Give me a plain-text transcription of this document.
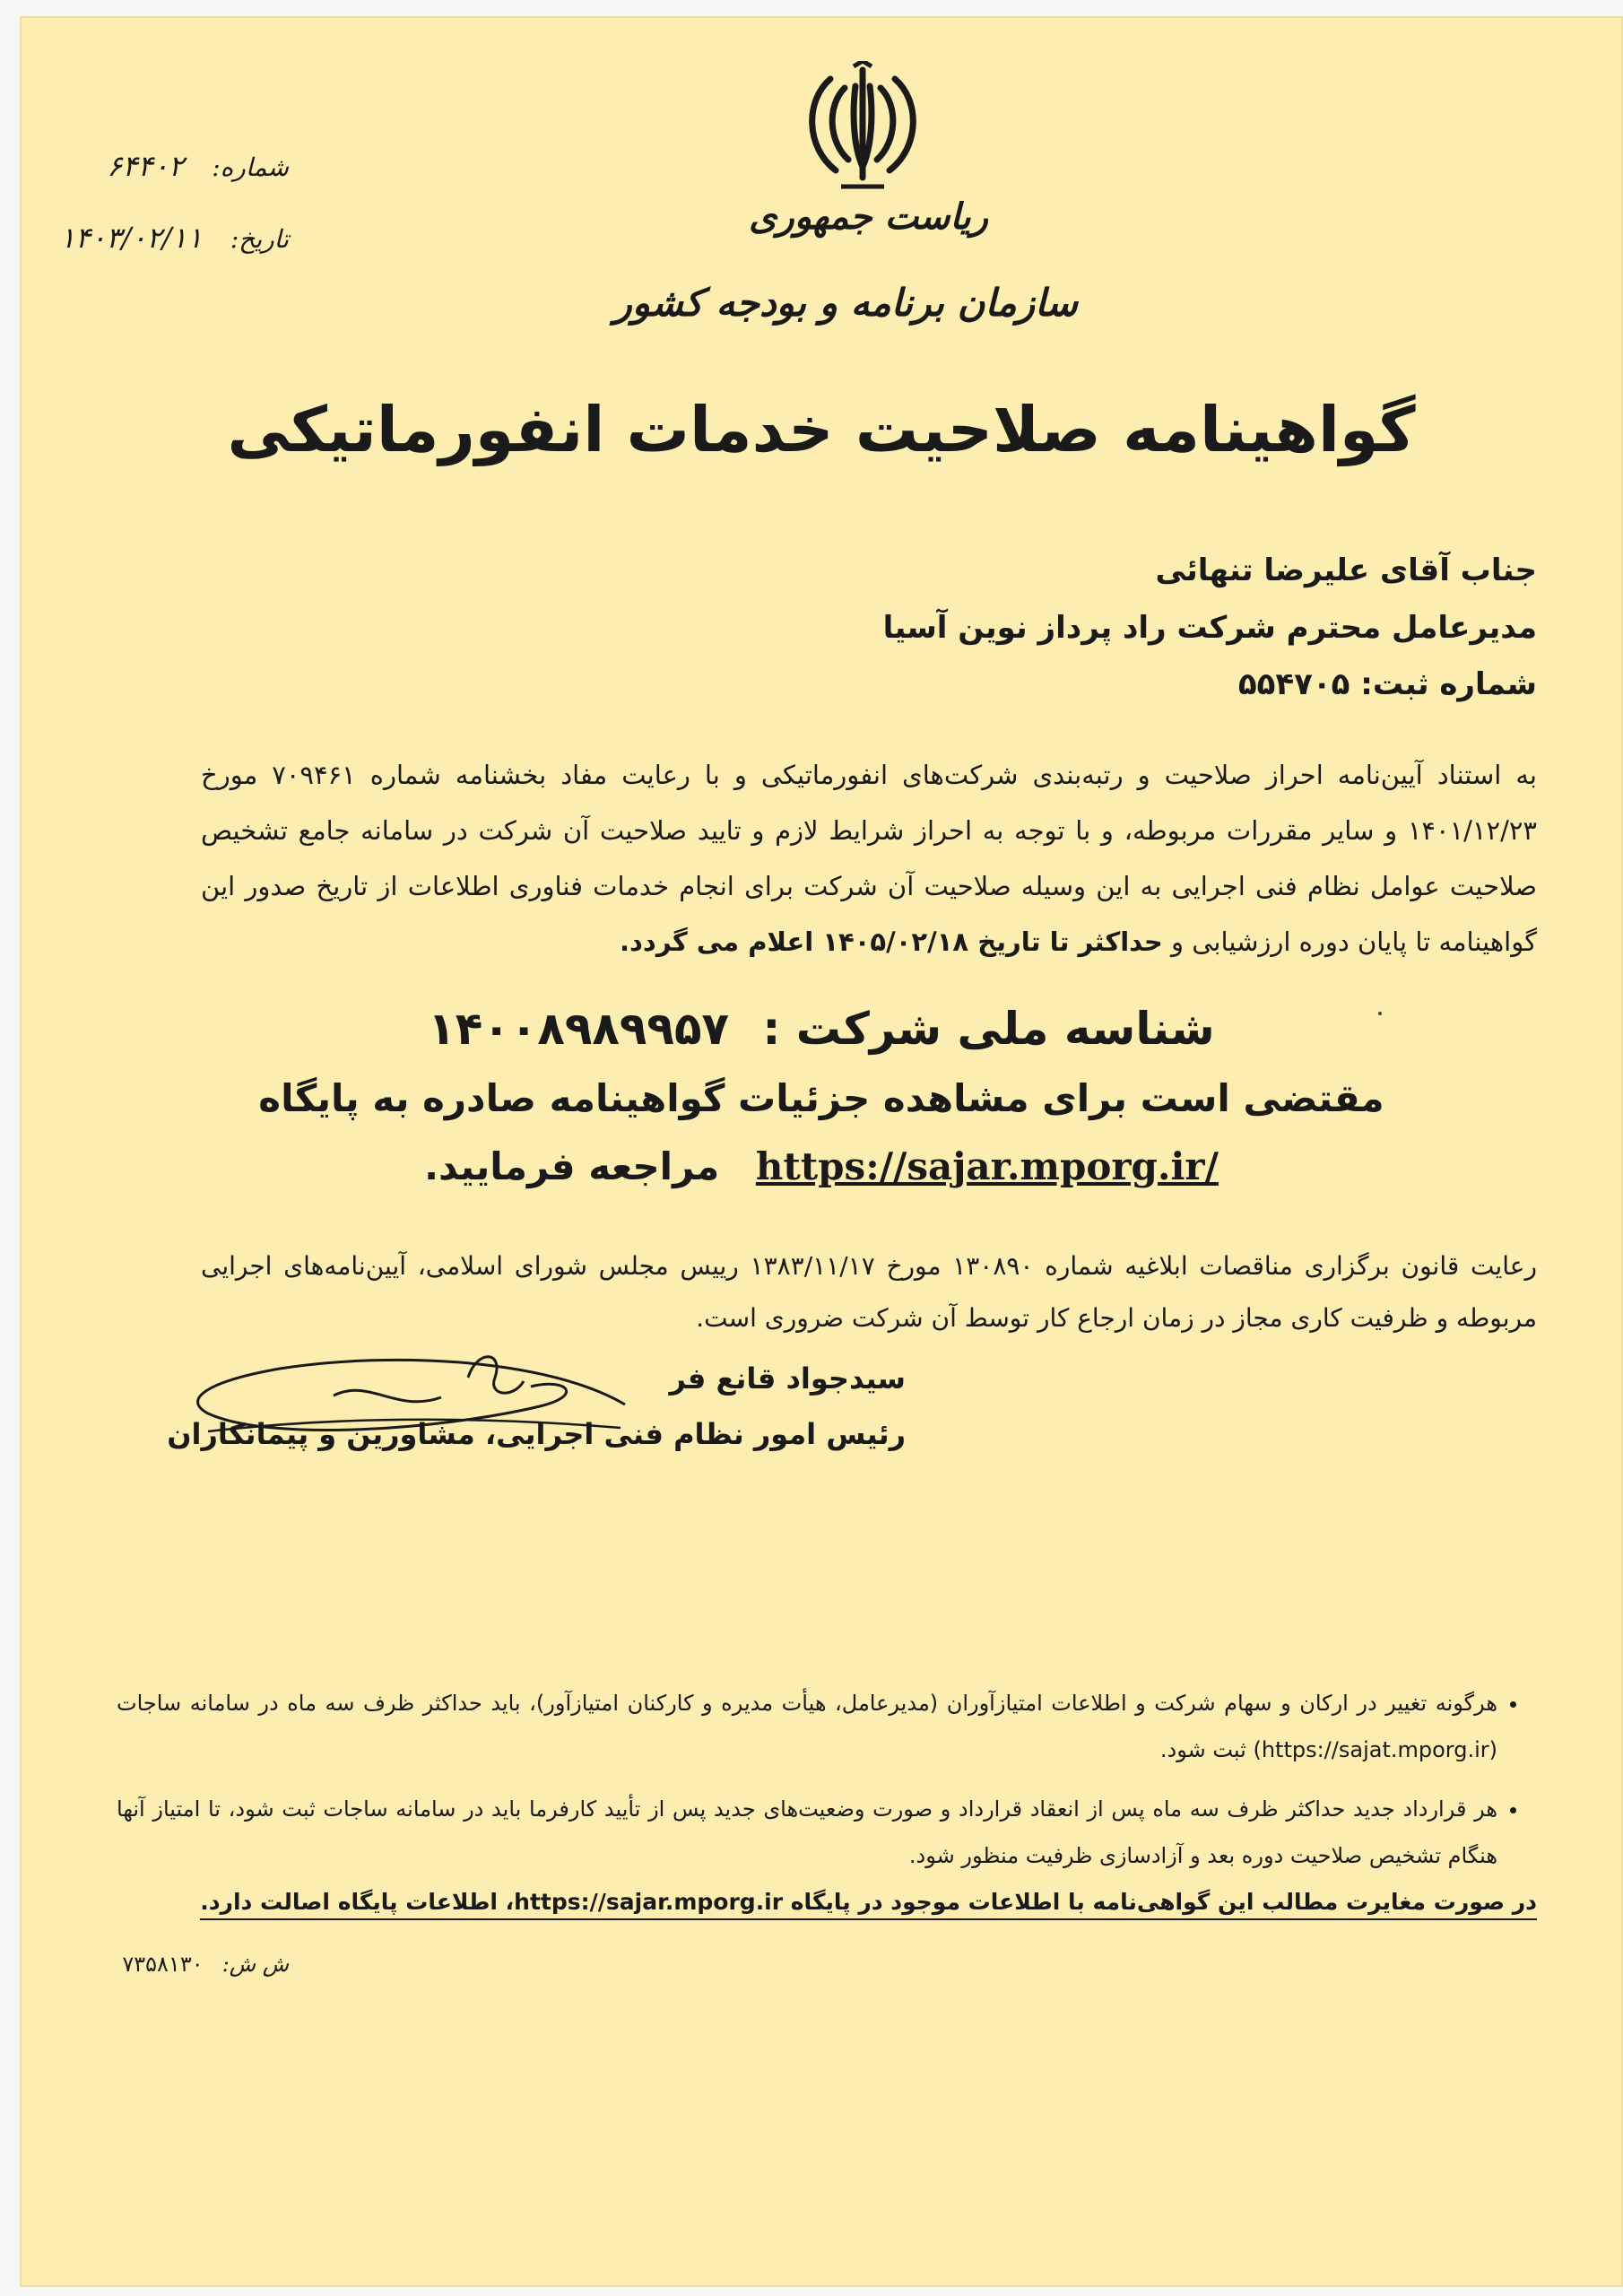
ریاست جمهوری
سازمان برنامه و بودجه کشور
شماره: ۶۴۴۰۲
تاریخ: ۱۴۰۳/۰۲/۱۱
گواهینامه صلاحیت خدمات انفورماتیکی
جناب آقای علیرضا تنهائی
مدیرعامل محترم شرکت راد پرداز نوین آسیا
شماره ثبت: ۵۵۴۷۰۵
به استناد آیین‌نامه احراز صلاحیت و رتبه‌بندی شرکت‌های انفورماتیکی و با رعایت مفاد بخشنامه شماره ۷۰۹۴۶۱ مورخ ۱۴۰۱/۱۲/۲۳ و سایر مقررات مربوطه، و با توجه به احراز شرایط لازم و تایید صلاحیت آن شرکت در سامانه جامع تشخیص صلاحیت عوامل نظام فنی اجرایی به این وسیله صلاحیت آن شرکت برای انجام خدمات فناوری اطلاعات از تاریخ صدور این گواهینامه تا پایان دوره ارزشیابی و حداکثر تا تاریخ ۱۴۰۵/۰۲/۱۸ اعلام می گردد.
شناسه ملی شرکت : ۱۴۰۰۸۹۸۹۹۵۷
مقتضی است برای مشاهده جزئیات گواهینامه صادره به پایگاه
https://sajar.mporg.ir/ مراجعه فرمایید.
رعایت قانون برگزاری مناقصات ابلاغیه شماره ۱۳۰۸۹۰ مورخ ۱۳۸۳/۱۱/۱۷ رییس مجلس شورای اسلامی، آیین‌نامه‌های اجرایی مربوطه و ظرفیت کاری مجاز در زمان ارجاع کار توسط آن شرکت ضروری است.
سیدجواد قانع فر
رئیس امور نظام فنی اجرایی، مشاورین و پیمانکاران
• هرگونه تغییر در ارکان و سهام شرکت و اطلاعات امتیازآوران (مدیرعامل، هیأت مدیره و کارکنان امتیازآور)، باید حداکثر ظرف سه ماه در سامانه ساجات (https://sajat.mporg.ir) ثبت شود.
• هر قرارداد جدید حداکثر ظرف سه ماه پس از انعقاد قرارداد و صورت وضعیت‌های جدید پس از تأیید کارفرما باید در سامانه ساجات ثبت شود، تا امتیاز آنها هنگام تشخیص صلاحیت دوره بعد و آزادسازی ظرفیت منظور شود.
در صورت مغایرت مطالب این گواهی‌نامه با اطلاعات موجود در پایگاه https://sajar.mporg.ir، اطلاعات پایگاه اصالت دارد.
ش ش: ۷۳۵۸۱۳۰
